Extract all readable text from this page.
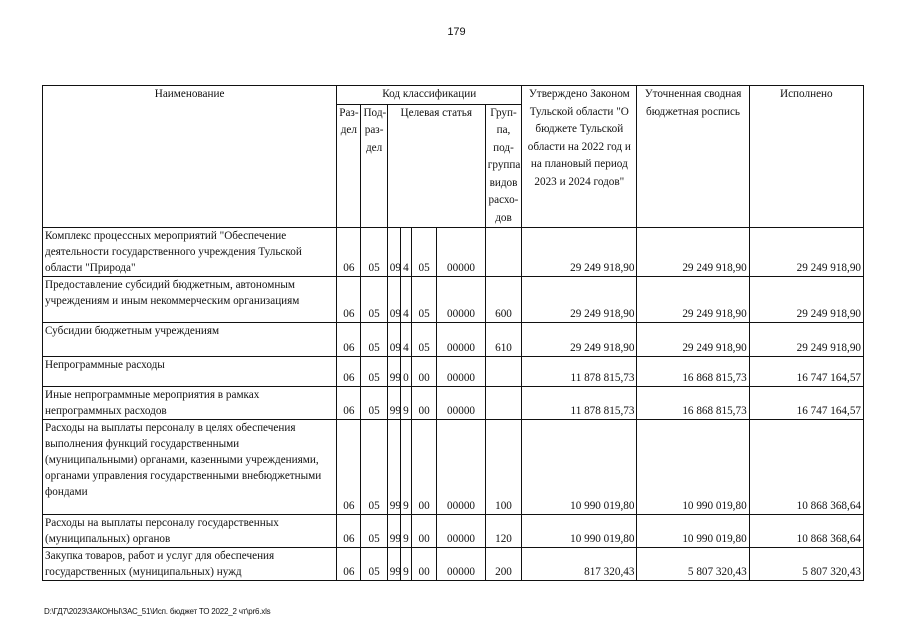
179
Наименование	Код классификации							Утверждено Законом Тульской области "О бюджете Тульской области на 2022 год и на плановый период 2023 и 2024 годов"	Уточненная сводная бюджетная роспись	Исполнено
	Раз-дел	Под-раз-дел	Целевая статья				Груп-па, под-группа видов расхо-дов			
Комплекс процессных мероприятий "Обеспечение деятельности государственного учреждения Тульской области "Природа"	06	05	09	4	05	00000		29 249 918,90	29 249 918,90	29 249 918,90
Предоставление субсидий бюджетным, автономным учреждениям и иным некоммерческим организациям	06	05	09	4	05	00000	600	29 249 918,90	29 249 918,90	29 249 918,90
Субсидии бюджетным учреждениям	06	05	09	4	05	00000	610	29 249 918,90	29 249 918,90	29 249 918,90
Непрограммные расходы	06	05	99	0	00	00000		11 878 815,73	16 868 815,73	16 747 164,57
Иные непрограммные мероприятия в рамках непрограммных расходов	06	05	99	9	00	00000		11 878 815,73	16 868 815,73	16 747 164,57
Расходы на выплаты персоналу в целях обеспечения выполнения функций государственными (муниципальными) органами, казенными учреждениями, органами управления государственными внебюджетными фондами	06	05	99	9	00	00000	100	10 990 019,80	10 990 019,80	10 868 368,64
Расходы на выплаты персоналу государственных (муниципальных) органов	06	05	99	9	00	00000	120	10 990 019,80	10 990 019,80	10 868 368,64
Закупка товаров, работ и услуг для обеспечения государственных (муниципальных) нужд	06	05	99	9	00	00000	200	817 320,43	5 807 320,43	5 807 320,43
D:\ГД7\2023\ЗАКОНЫ\ЗАС_51\Исп. бюджет ТО 2022_2 чт\pr6.xls
